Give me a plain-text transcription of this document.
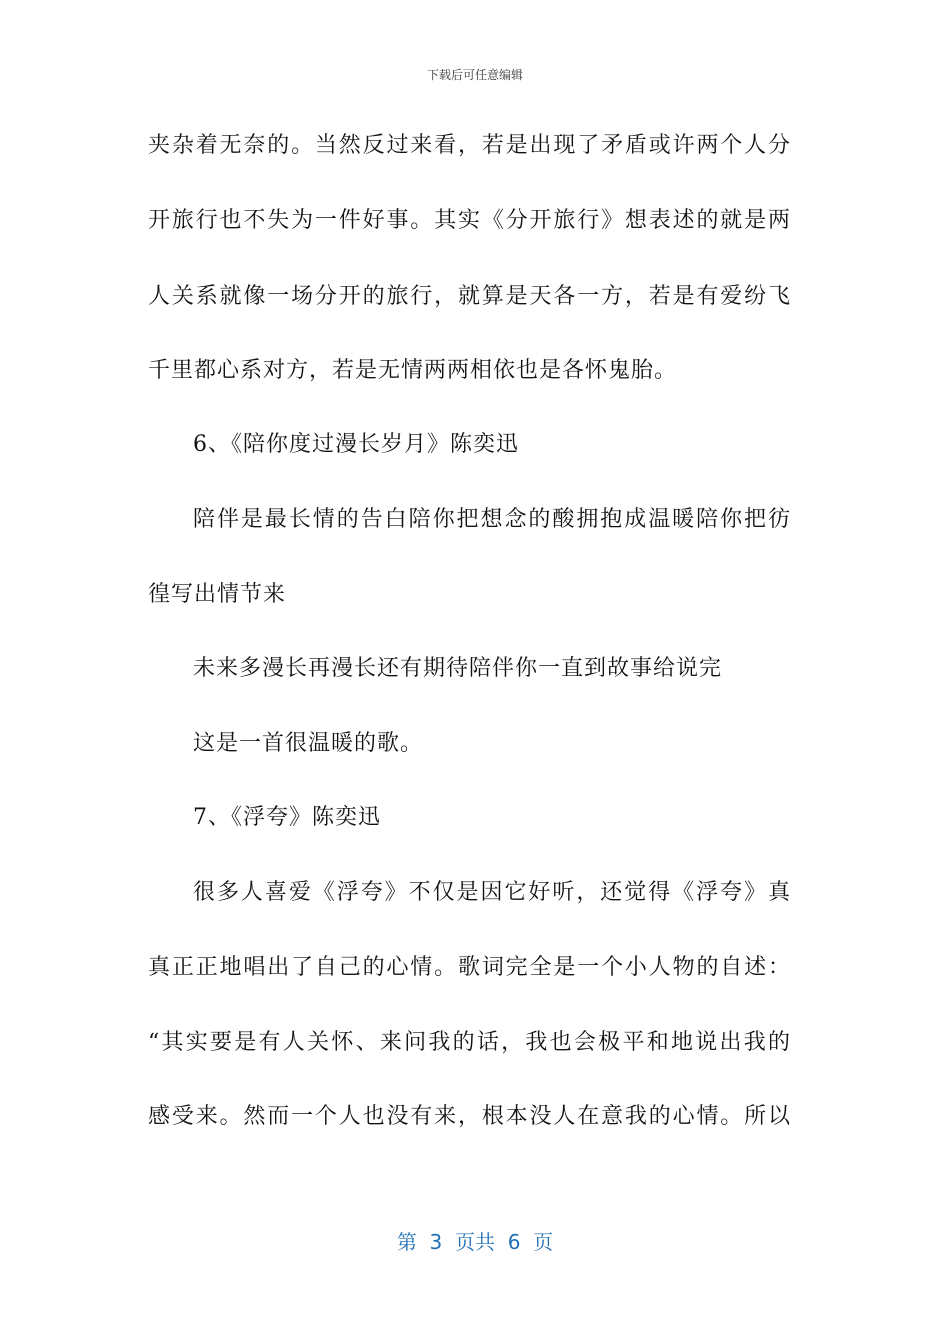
下载后可任意编辑
夹杂着无奈的。当然反过来看，若是出现了矛盾或许两个人分
开旅行也不失为一件好事。其实《分开旅行》想表述的就是两
人关系就像一场分开的旅行，就算是天各一方，若是有爱纷飞
千里都心系对方，若是无情两两相依也是各怀鬼胎。
6、《陪你度过漫长岁月》陈奕迅
陪伴是最长情的告白陪你把想念的酸拥抱成温暖陪你把彷
徨写出情节来
未来多漫长再漫长还有期待陪伴你一直到故事给说完
这是一首很温暖的歌。
7、《浮夸》陈奕迅
很多人喜爱《浮夸》不仅是因它好听，还觉得《浮夸》真
真正正地唱出了自己的心情。歌词完全是一个小人物的自述：
“其实要是有人关怀、来问我的话，我也会极平和地说出我的
感受来。然而一个人也没有来，根本没人在意我的心情。所以
第  3  页共  6  页
